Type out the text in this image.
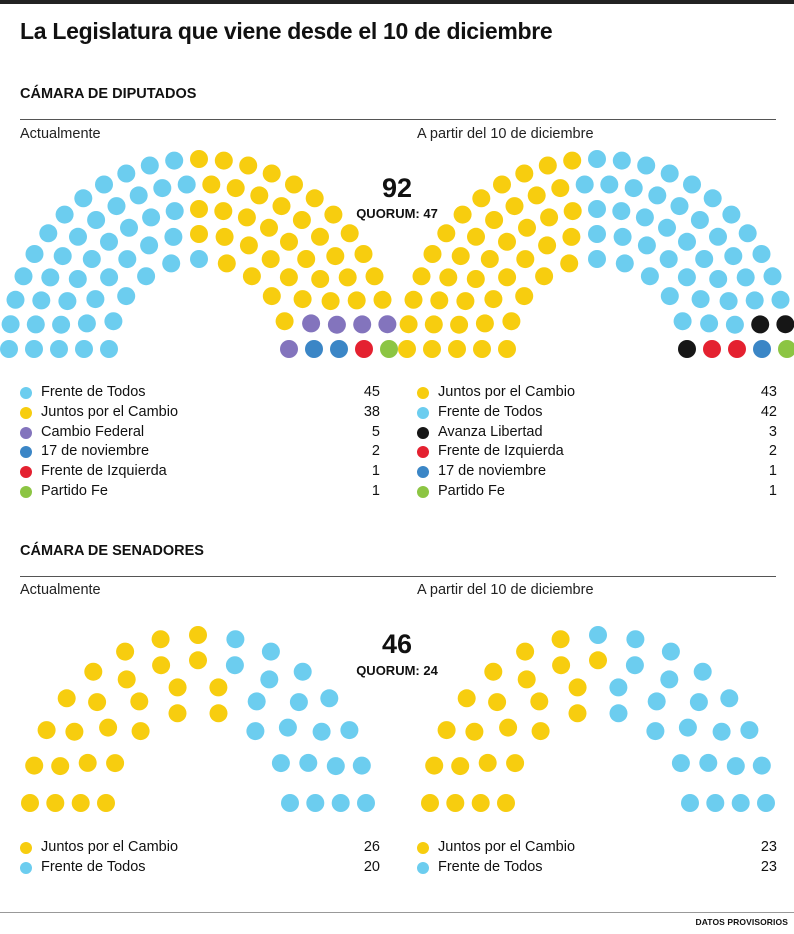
La Legislatura que viene desde el 10 de diciembre
CÁMARA DE DIPUTADOS
Actualmente	A partir del 10 de diciembre
92
QUORUM: 47
Frente de Todos	45
Juntos por el Cambio	38
Cambio Federal	5
17 de noviembre	2
Frente de Izquierda	1
Partido Fe	1
Juntos por el Cambio	43
Frente de Todos	42
Avanza Libertad	3
Frente de Izquierda	2
17 de noviembre	1
Partido Fe	1
CÁMARA DE SENADORES
Actualmente	A partir del 10 de diciembre
46
QUORUM: 24
Juntos por el Cambio	26
Frente de Todos	20
Juntos por el Cambio	23
Frente de Todos	23
DATOS PROVISORIOS
